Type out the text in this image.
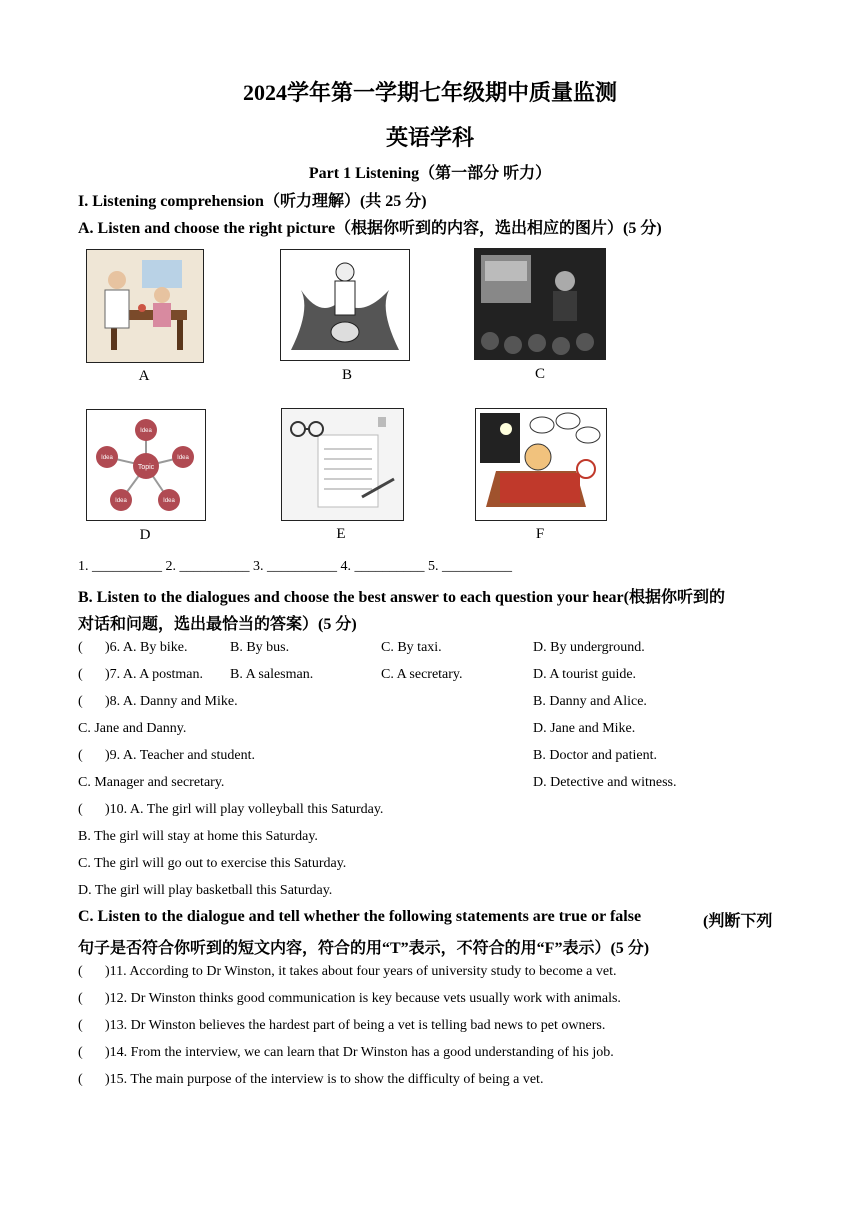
2024学年第一学期七年级期中质量监测
英语学科
Part 1 Listening（第一部分 听力）
I. Listening comprehension（听力理解）(共 25 分)
A. Listen and choose the right picture（根据你听到的内容，选出相应的图片）(5 分)
A	B	C
Topic
Idea
Idea	Idea
Idea	Idea
D	E	F
1. __________ 2. __________ 3. __________ 4. __________ 5. __________
B. Listen to the dialogues and choose the best answer to each question your hear(根据你听到的
对话和问题，选出最恰当的答案）(5 分)
( )6. A. By bike.	B. By bus.	C. By taxi.	D. By underground.
( )7. A. A postman. B. A salesman.	C. A secretary.	D. A tourist guide.
( )8. A. Danny and Mike.	B. Danny and Alice.
C. Jane and Danny.	D. Jane and Mike.
( )9. A. Teacher and student.	B. Doctor and patient.
C. Manager and secretary.	D. Detective and witness.
( )10. A. The girl will play volleyball this Saturday.
B. The girl will stay at home this Saturday.
C. The girl will go out to exercise this Saturday.
D. The girl will play basketball this Saturday.
C. Listen to the dialogue and tell whether the following statements are true or false	(判断下列
句子是否符合你听到的短文内容，符合的用“T”表示，不符合的用“F”表示）(5 分)
( )11. According to Dr Winston, it takes about four years of university study to become a vet.
( )12. Dr Winston thinks good communication is key because vets usually work with animals.
( )13. Dr Winston believes the hardest part of being a vet is telling bad news to pet owners.
( )14. From the interview, we can learn that Dr Winston has a good understanding of his job.
( )15. The main purpose of the interview is to show the difficulty of being a vet.
